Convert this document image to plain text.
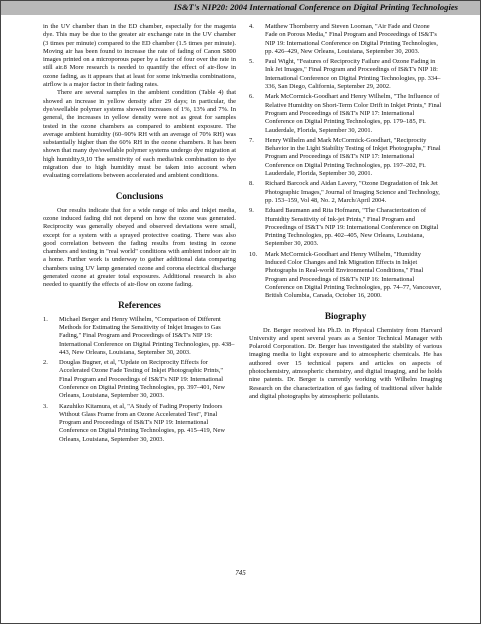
IS&T's NIP20: 2004 International Conference on Digital Printing Technologies

in the UV chamber than in the ED chamber, especially for the magenta dye. This may be due to the greater air exchange rate in the UV chamber (3 times per minute) compared to the ED chamber (1.5 times per minute). Moving air has been found to increase the rate of fading of Canon S800 images printed on a microporous paper by a factor of four over the rate in still air.8 More research is needed to quantify the effect of air-flow in ozone fading, as it appears that at least for some ink/media combinations, airflow is a major factor in their fading rates.

There are several samples in the ambient condition (Table 4) that showed an increase in yellow density after 29 days; in particular, the dye/swellable polymer systems showed increases of 1%, 13% and 7%. In general, the increases in yellow density were not as great for samples tested in the ozone chambers as compared to ambient exposure. The average ambient humidity (60–90% RH with an average of 70% RH) was substantially higher than the 60% RH in the ozone chambers. It has been shown that many dye/swellable polymer systems undergo dye migration at high humidity.9,10 The sensitivity of each media/ink combination to dye migration due to high humidity must be taken into account when evaluating correlations between accelerated and ambient conditions.

Conclusions

Our results indicate that for a wide range of inks and inkjet media, ozone induced fading did not depend on how the ozone was generated. Reciprocity was generally obeyed and observed deviations were small, except for a system with a sprayed protective coating. There was also good correlation between the fading results from testing in ozone chambers and testing in "real world" conditions with ambient indoor air in a home. Further work is underway to gather additional data comparing chambers using UV lamp generated ozone and corona electrical discharge generated ozone at greater total exposures. Additional research is also needed to quantify the effects of air-flow on ozone fading.

References
1. Michael Berger and Henry Wilhelm, "Comparison of Different Methods for Estimating the Sensitivity of Inkjet Images to Gas Fading," Final Program and Proceedings of IS&T's NIP 19: International Conference on Digital Printing Technologies, pp. 438–443, New Orleans, Louisiana, September 30, 2003.
2. Douglas Bugner, et al, "Update on Reciprocity Effects for Accelerated Ozone Fade Testing of Inkjet Photographic Prints," Final Program and Proceedings of IS&T's NIP 19: International Conference on Digital Printing Technologies, pp. 397–401, New Orleans, Louisiana, September 30, 2003.
3. Kazuhiko Kitamura, et al, "A Study of Fading Property Indoors Without Glass Frame from an Ozone Accelerated Test", Final Program and Proceedings of IS&T's NIP 19: International Conference on Digital Printing Technologies, pp. 415–419, New Orleans, Louisiana, September 30, 2003.
4. Matthew Thornberry and Steven Looman, "Air Fade and Ozone Fade on Porous Media," Final Program and Proceedings of IS&T's NIP 19: International Conference on Digital Printing Technologies, pp. 426–429, New Orleans, Louisiana, September 30, 2003.
5. Paul Wight, "Features of Reciprocity Failure and Ozone Fading in Ink Jet Images," Final Program and Proceedings of IS&T's NIP 18: International Conference on Digital Printing Technologies, pp. 334–336, San Diego, California, September 29, 2002.
6. Mark McCormick-Goodhart and Henry Wilhelm, "The Influence of Relative Humidity on Short-Term Color Drift in Inkjet Prints," Final Program and Proceedings of IS&T's NIP 17: International Conference on Digital Printing Technologies, pp. 179–185, Ft. Lauderdale, Florida, September 30, 2001.
7. Henry Wilhelm and Mark McCormick-Goodhart, "Reciprocity Behavior in the Light Stability Testing of Inkjet Photographs," Final Program and Proceedings of IS&T's NIP 17: International Conference on Digital Printing Technologies, pp. 197–202, Ft. Lauderdale, Florida, September 30, 2001.
8. Richard Barcock and Aidan Lavery, "Ozone Degradation of Ink Jet Photographic Images," Journal of Imaging Science and Technology, pp. 153–159, Vol 48, No. 2, March/April 2004.
9. Eduard Baumann and Rita Hofmann, "The Characterization of Humidity Sensitivity of Ink-jet Prints," Final Program and Proceedings of IS&T's NIP 19: International Conference on Digital Printing Technologies, pp. 402–405, New Orleans, Louisiana, September 30, 2003.
10. Mark McCormick-Goodhart and Henry Wilhelm, "Humidity Induced Color Changes and Ink Migration Effects in Inkjet Photographs in Real-world Environmental Conditions," Final Program and Proceedings of IS&T's NIP 16: International Conference on Digital Printing Technologies, pp. 74–77, Vancouver, British Columbia, Canada, October 16, 2000.
Biography

Dr. Berger received his Ph.D. in Physical Chemistry from Harvard University and spent several years as a Senior Technical Manager with Polaroid Corporation. Dr. Berger has investigated the stability of various imaging media to light exposure and to atmospheric chemicals. He has authored over 15 technical papers and articles on aspects of photochemistry, atmospheric chemistry, and digital imaging, and he holds nine patents. Dr. Berger is currently working with Wilhelm Imaging Research on the characterization of gas fading of traditional silver halide and digital photographs by atmospheric pollutants.

745
